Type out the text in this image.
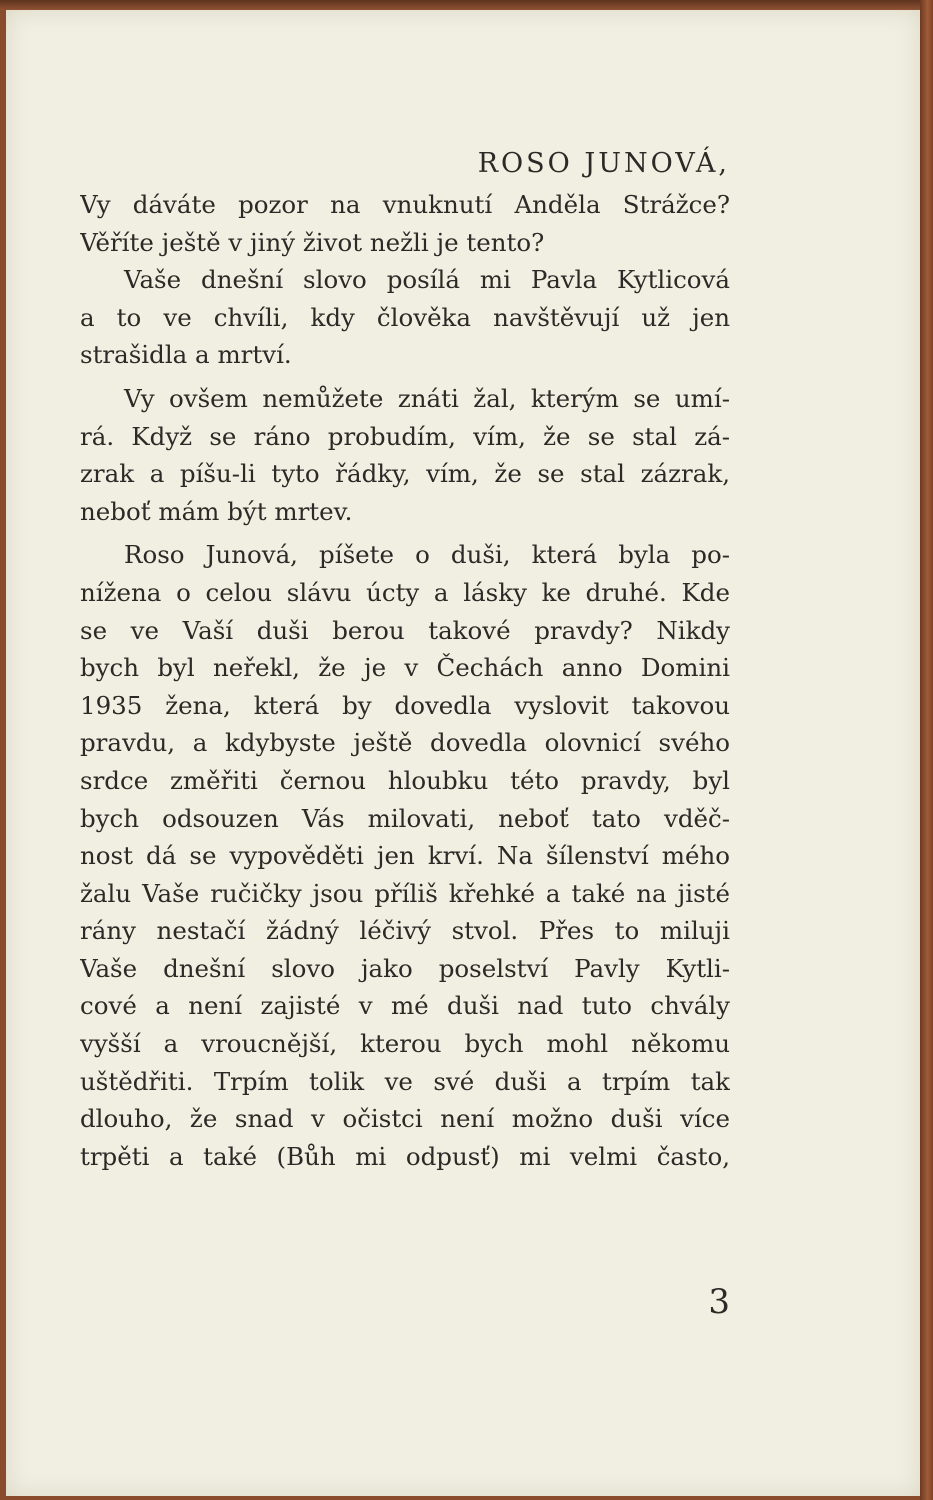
ROSO JUNOVÁ,
Vy dáváte pozor na vnuknutí Anděla Strážce?
Věříte ještě v jiný život nežli je tento?
Vaše dnešní slovo posílá mi Pavla Kytlicová
a to ve chvíli, kdy člověka navštěvují už jen
strašidla a mrtví.
Vy ovšem nemůžete znáti žal, kterým se umí-
rá. Když se ráno probudím, vím, že se stal zá-
zrak a píšu-li tyto řádky, vím, že se stal zázrak,
neboť mám být mrtev.
Roso Junová, píšete o duši, která byla po-
nížena o celou slávu úcty a lásky ke druhé. Kde
se ve Vaší duši berou takové pravdy? Nikdy
bych byl neřekl, že je v Čechách anno Domini
1935 žena, která by dovedla vyslovit takovou
pravdu, a kdybyste ještě dovedla olovnicí svého
srdce změřiti černou hloubku této pravdy, byl
bych odsouzen Vás milovati, neboť tato vděč-
nost dá se vypověděti jen krví. Na šílenství mého
žalu Vaše ručičky jsou příliš křehké a také na jisté
rány nestačí žádný léčivý stvol. Přes to miluji
Vaše dnešní slovo jako poselství Pavly Kytli-
cové a není zajisté v mé duši nad tuto chvály
vyšší a vroucnější, kterou bych mohl někomu
uštědřiti. Trpím tolik ve své duši a trpím tak
dlouho, že snad v očistci není možno duši více
trpěti a také (Bůh mi odpusť) mi velmi často,
3
